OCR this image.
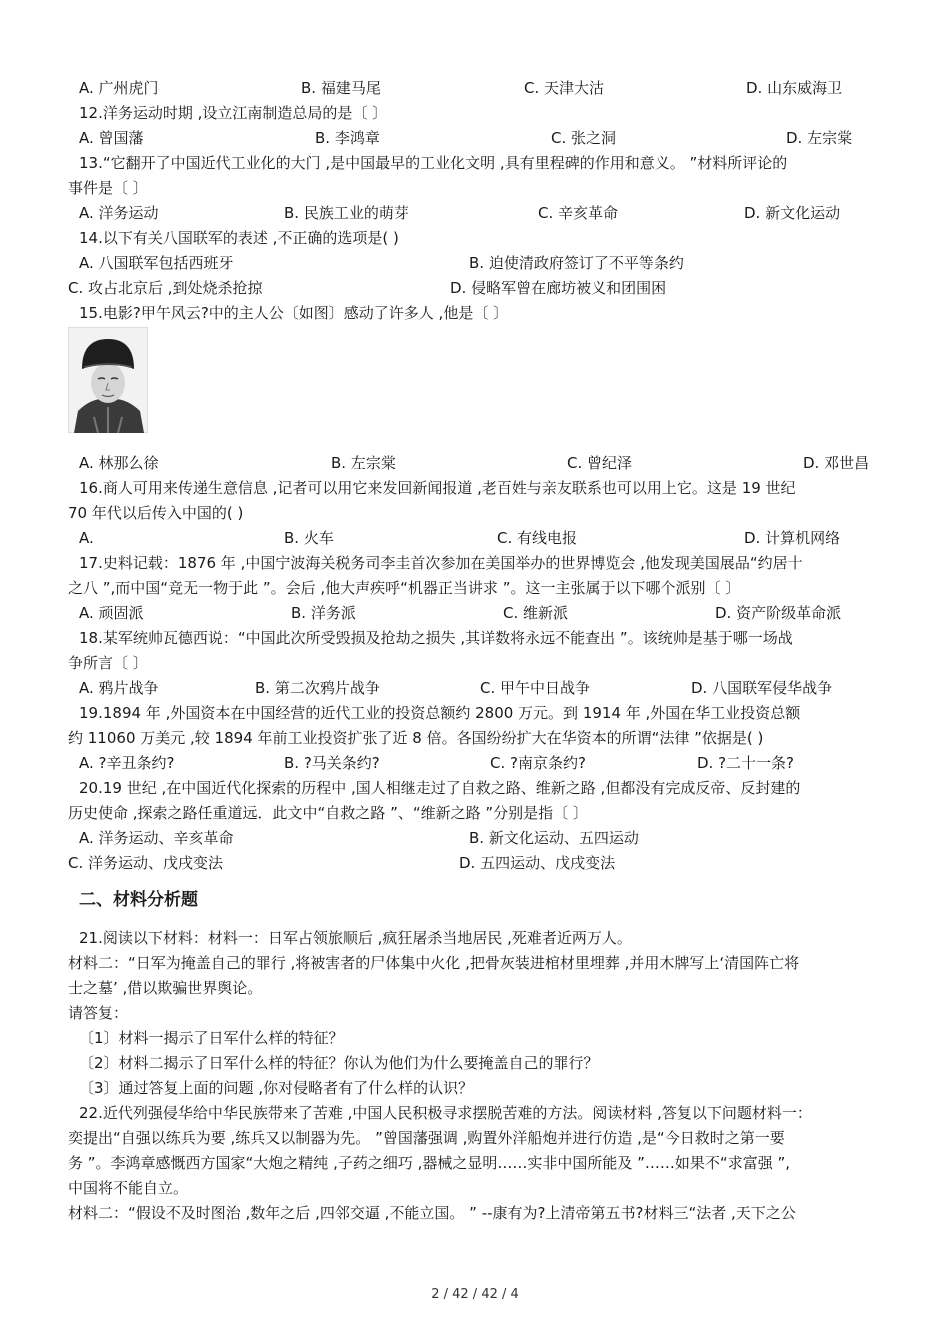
A. 广州虎门	B. 福建马尾	C. 天津大沽	D. 山东威海卫
12.洋务运动时期 ,设立江南制造总局的是〔 〕
A. 曾国藩	B. 李鸿章	C. 张之洞	D. 左宗棠
13.“它翻开了中国近代工业化的大门 ,是中国最早的工业化文明 ,具有里程碑的作用和意义。 ”材料所评论的
事件是〔 〕
A. 洋务运动	B. 民族工业的萌芽	C. 辛亥革命	D. 新文化运动
14.以下有关八国联军的表述 ,不正确的选项是( )
A. 八国联军包括西班牙	B. 迫使清政府签订了不平等条约
C. 攻占北京后 ,到处烧杀抢掠	D. 侵略军曾在廊坊被义和团围困
15.电影?甲午风云?中的主人公〔如图〕感动了许多人 ,他是〔 〕
A. 林那么徐	B. 左宗棠	C. 曾纪泽	D. 邓世昌
16.商人可用来传递生意信息 ,记者可以用它来发回新闻报道 ,老百姓与亲友联系也可以用上它。这是 19 世纪
70 年代以后传入中国的( )
A.	B. 火车	C. 有线电报	D. 计算机网络
17.史料记载：1876 年 ,中国宁波海关税务司李圭首次参加在美国举办的世界博览会 ,他发现美国展品“约居十
之八 ”,而中国“竞无一物于此 ”。会后 ,他大声疾呼“机器正当讲求 ”。这一主张属于以下哪个派别〔 〕
A. 顽固派	B. 洋务派	C. 维新派	D. 资产阶级革命派
18.某军统帅瓦德西说：“中国此次所受毁损及抢劫之损失 ,其详数将永远不能查出 ”。该统帅是基于哪一场战
争所言〔 〕
A. 鸦片战争	B. 第二次鸦片战争	C. 甲午中日战争	D. 八国联军侵华战争
19.1894 年 ,外国资本在中国经营的近代工业的投资总额约 2800 万元。到 1914 年 ,外国在华工业投资总额
约 11060 万美元 ,较 1894 年前工业投资扩张了近 8 倍。各国纷纷扩大在华资本的所谓“法律 ”依据是( )
A. ?辛丑条约?	B. ?马关条约?	C. ?南京条约?	D. ?二十一条?
20.19 世纪 ,在中国近代化探索的历程中 ,国人相继走过了自救之路、维新之路 ,但都没有完成反帝、反封建的
历史使命 ,探索之路任重道远．此文中“自救之路 ”、“维新之路 ”分别是指〔 〕
A. 洋务运动、辛亥革命	B. 新文化运动、五四运动
C. 洋务运动、戊戌变法	D. 五四运动、戊戌变法
二、材料分析题
21.阅读以下材料：材料一：日军占领旅顺后 ,疯狂屠杀当地居民 ,死难者近两万人。
材料二：“日军为掩盖自己的罪行 ,将被害者的尸体集中火化 ,把骨灰装进棺材里埋葬 ,并用木牌写上‘清国阵亡将
士之墓’ ,借以欺骗世界舆论。
请答复：
〔1〕材料一揭示了日军什么样的特征？
〔2〕材料二揭示了日军什么样的特征？你认为他们为什么要掩盖自己的罪行？
〔3〕通过答复上面的问题 ,你对侵略者有了什么样的认识？
22.近代列强侵华给中华民族带来了苦难 ,中国人民积极寻求摆脱苦难的方法。阅读材料 ,答复以下问题材料一：
奕提出“自强以练兵为要 ,练兵又以制器为先。 ”曾国藩强调 ,购置外洋船炮并进行仿造 ,是“今日救时之第一要
务 ”。李鸿章感慨西方国家“大炮之精纯 ,子药之细巧 ,器械之显明……实非中国所能及 ”……如果不“求富强 ”,
中国将不能自立。
材料二：“假设不及时图治 ,数年之后 ,四邻交逼 ,不能立国。 ” --康有为?上清帝第五书?材料三“法者 ,天下之公
2 / 42 / 42 / 4
